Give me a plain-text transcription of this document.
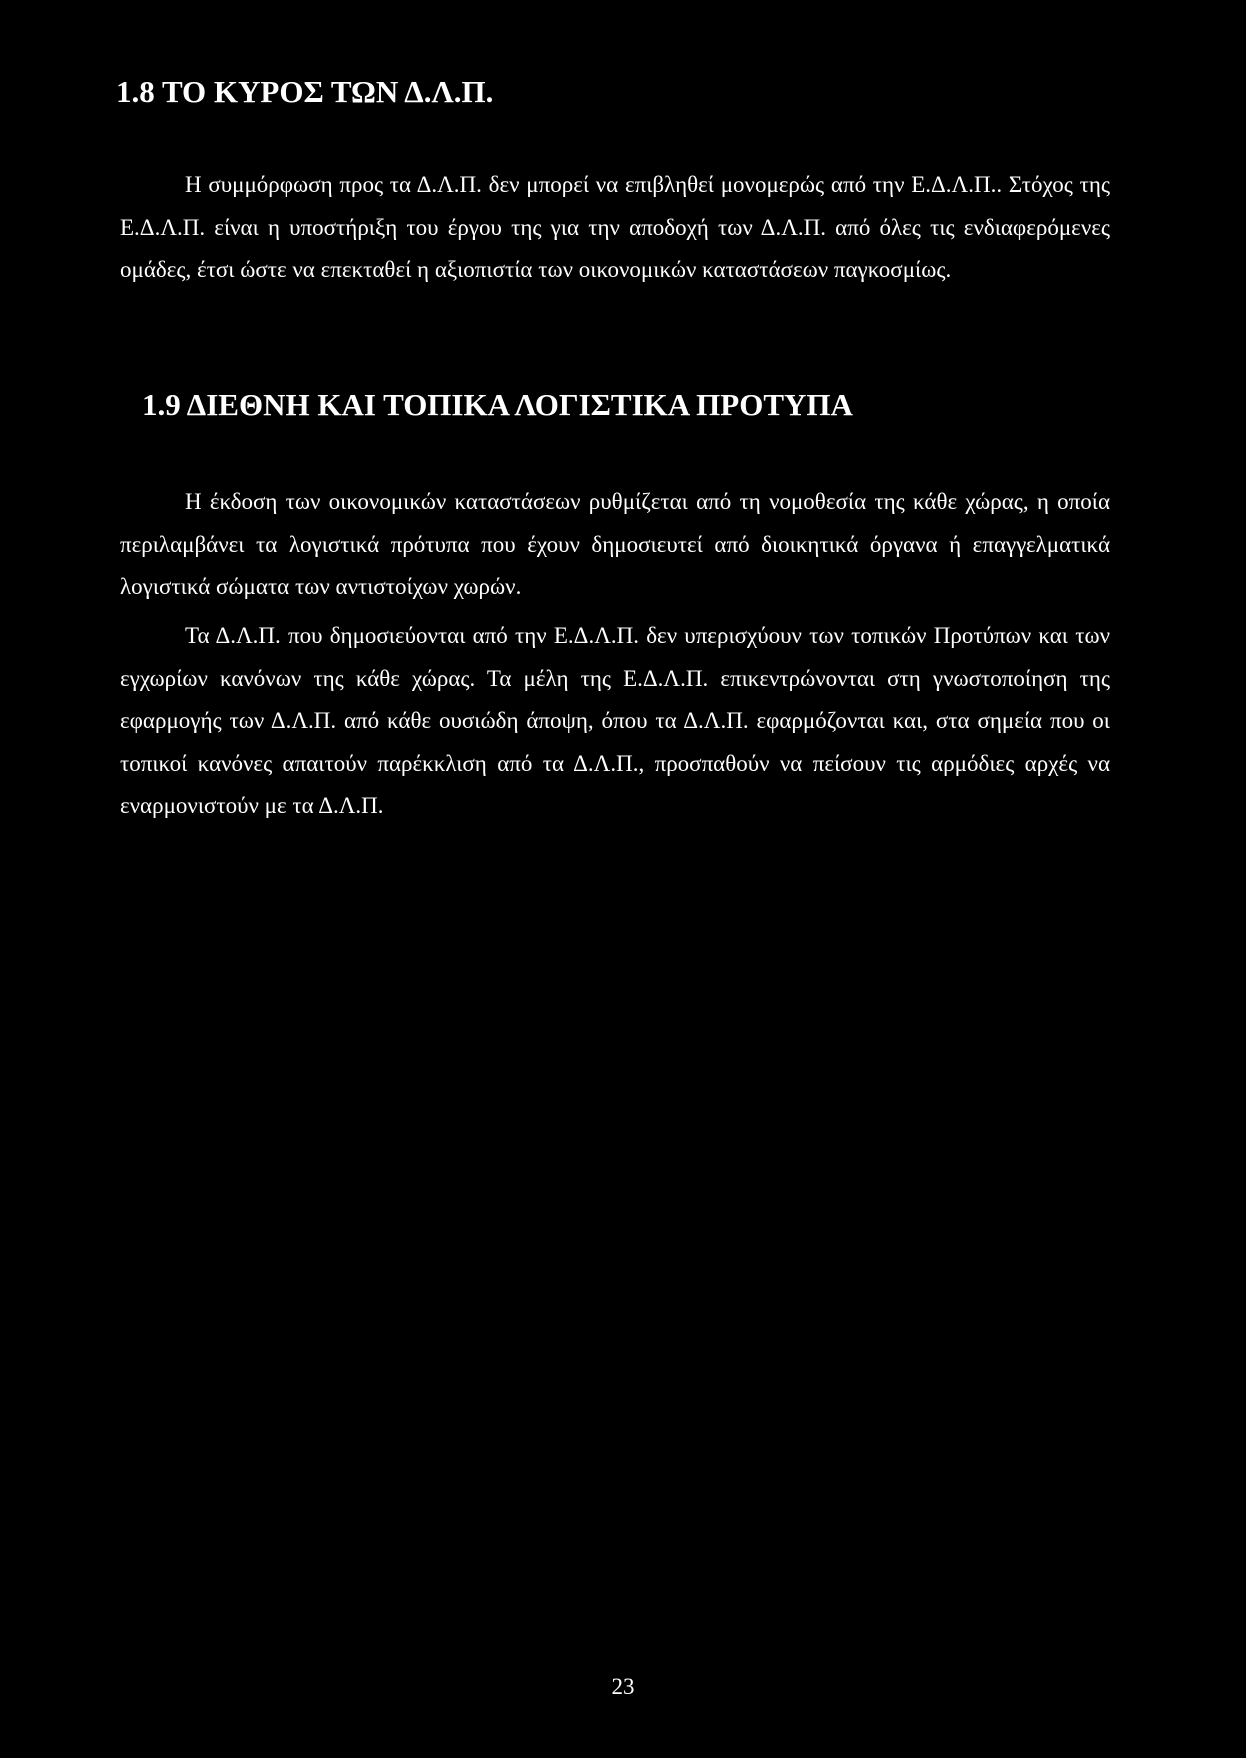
1.8 ΤΟ ΚΥΡΟΣ ΤΩΝ Δ.Λ.Π.

Η συμμόρφωση προς τα Δ.Λ.Π. δεν μπορεί να επιβληθεί μονομερώς από την Ε.Δ.Λ.Π.. Στόχος της Ε.Δ.Λ.Π. είναι η υποστήριξη του έργου της για την αποδοχή των Δ.Λ.Π. από όλες τις ενδιαφερόμενες ομάδες, έτσι ώστε να επεκταθεί η αξιοπιστία των οικονομικών καταστάσεων παγκοσμίως.

1.9 ΔΙΕΘΝΗ ΚΑΙ ΤΟΠΙΚΑ ΛΟΓΙΣΤΙΚΑ ΠΡΟΤΥΠΑ

Η έκδοση των οικονομικών καταστάσεων ρυθμίζεται από τη νομοθεσία της κάθε χώρας, η οποία περιλαμβάνει τα λογιστικά πρότυπα που έχουν δημοσιευτεί από διοικητικά όργανα ή επαγγελματικά λογιστικά σώματα των αντιστοίχων χωρών.

Τα Δ.Λ.Π. που δημοσιεύονται από την Ε.Δ.Λ.Π. δεν υπερισχύουν των τοπικών Προτύπων και των εγχωρίων κανόνων της κάθε χώρας. Τα μέλη της Ε.Δ.Λ.Π. επικεντρώνονται στη γνωστοποίηση της εφαρμογής των Δ.Λ.Π. από κάθε ουσιώδη άποψη, όπου τα Δ.Λ.Π. εφαρμόζονται και, στα σημεία που οι τοπικοί κανόνες απαιτούν παρέκκλιση από τα Δ.Λ.Π., προσπαθούν να πείσουν τις αρμόδιες αρχές να εναρμονιστούν με τα Δ.Λ.Π.

23
